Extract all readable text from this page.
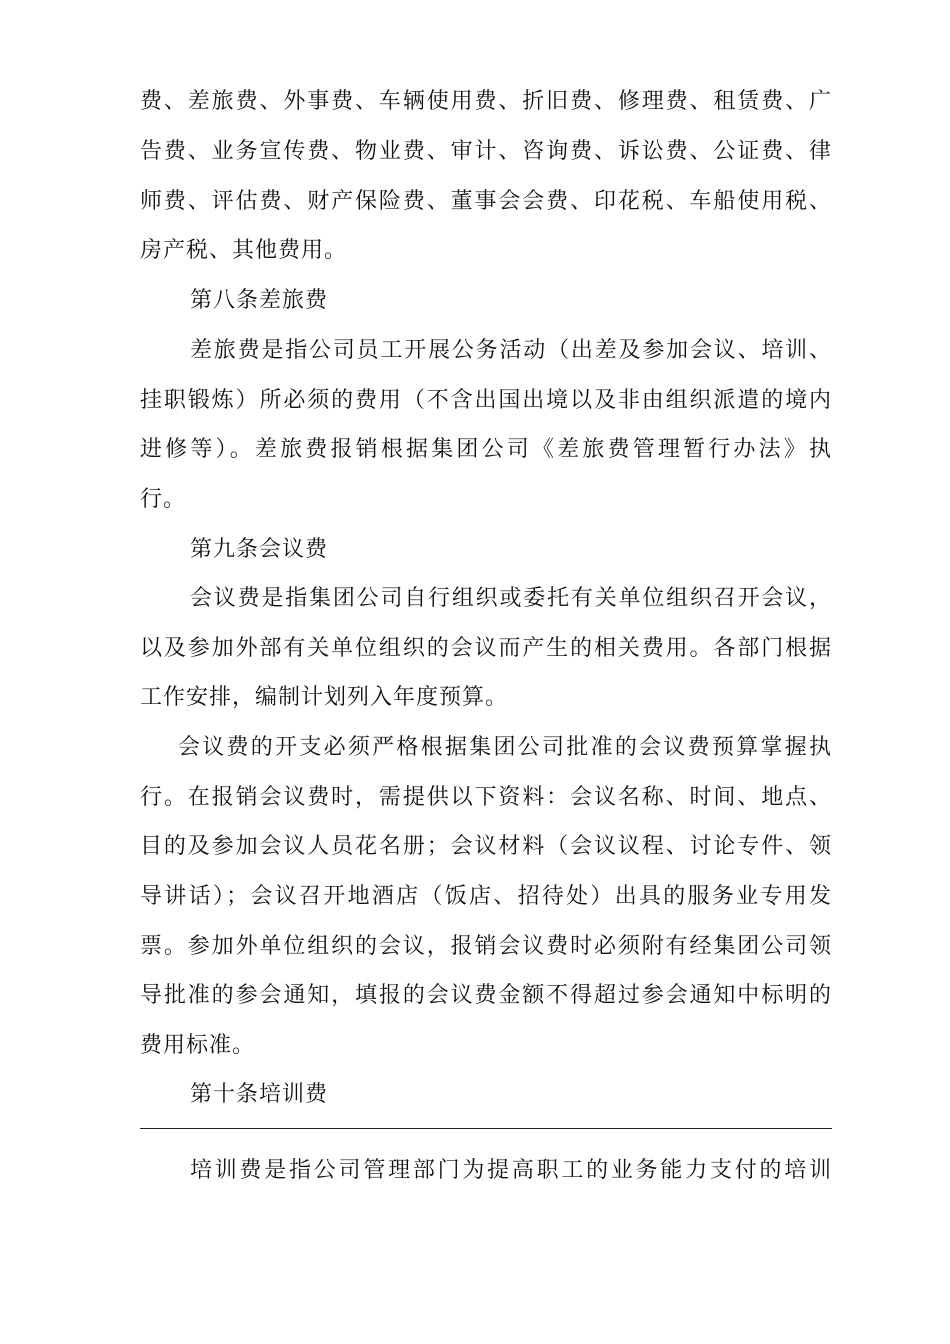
费、差旅费、外事费、车辆使用费、折旧费、修理费、租赁费、广
告费、业务宣传费、物业费、审计、咨询费、诉讼费、公证费、律
师费、评估费、财产保险费、董事会会费、印花税、车船使用税、
房产税、其他费用。
第八条差旅费
差旅费是指公司员工开展公务活动（出差及参加会议、培训、
挂职锻炼）所必须的费用（不含出国出境以及非由组织派遣的境内
进修等）。差旅费报销根据集团公司《差旅费管理暂行办法》执
行。
第九条会议费
会议费是指集团公司自行组织或委托有关单位组织召开会议，
以及参加外部有关单位组织的会议而产生的相关费用。各部门根据
工作安排，编制计划列入年度预算。
会议费的开支必须严格根据集团公司批准的会议费预算掌握执
行。在报销会议费时，需提供以下资料：会议名称、时间、地点、
目的及参加会议人员花名册；会议材料（会议议程、讨论专件、领
导讲话）；会议召开地酒店（饭店、招待处）出具的服务业专用发
票。参加外单位组织的会议，报销会议费时必须附有经集团公司领
导批准的参会通知，填报的会议费金额不得超过参会通知中标明的
费用标准。
第十条培训费
培训费是指公司管理部门为提高职工的业务能力支付的培训
